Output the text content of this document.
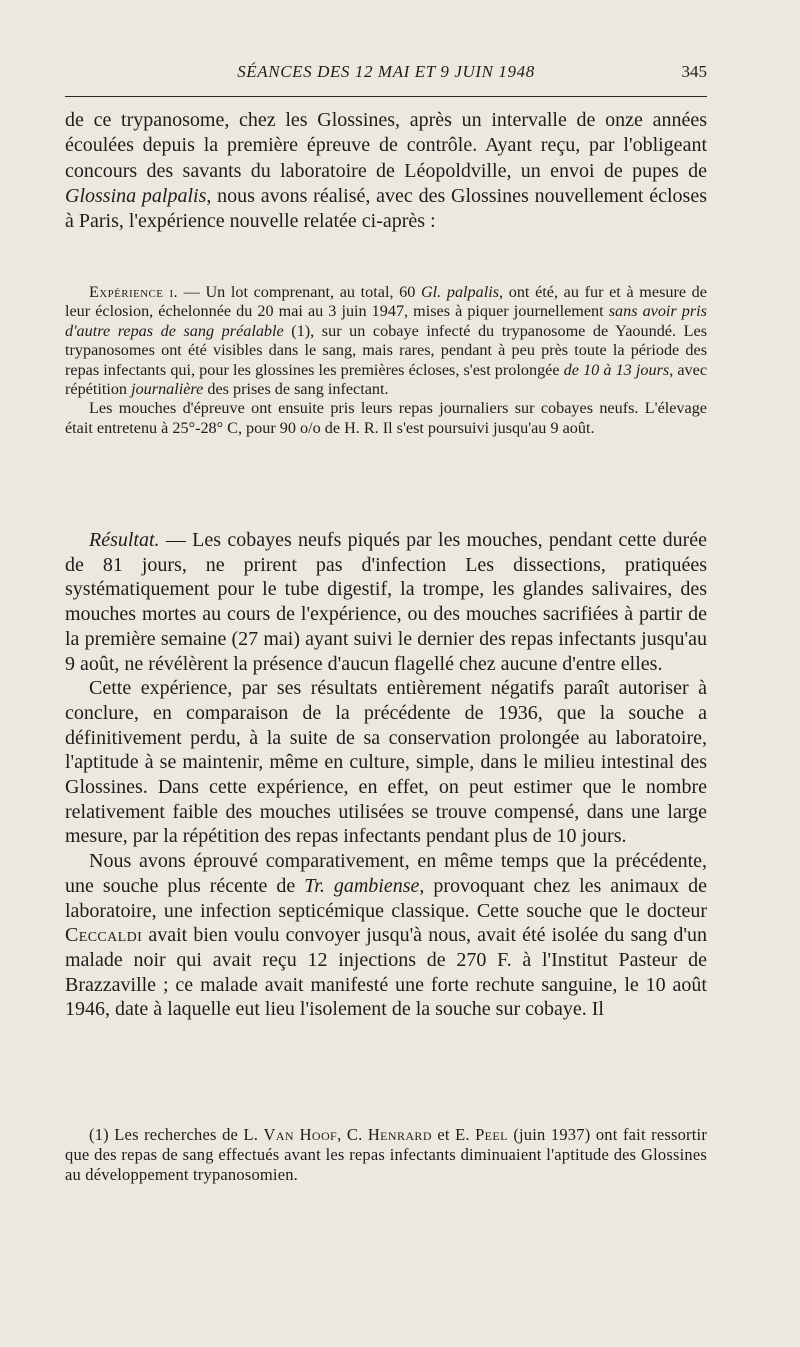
SÉANCES DES 12 MAI ET 9 JUIN 1948	345

de ce trypanosome, chez les Glossines, après un intervalle de onze années écoulées depuis la première épreuve de contrôle. Ayant reçu, par l'obligeant concours des savants du laboratoire de Léopoldville, un envoi de pupes de Glossina palpalis, nous avons réalisé, avec des Glossines nouvellement écloses à Paris, l'expérience nouvelle relatée ci-après :

Expérience i. — Un lot comprenant, au total, 60 Gl. palpalis, ont été, au fur et à mesure de leur éclosion, échelonnée du 20 mai au 3 juin 1947, mises à piquer journellement sans avoir pris d'autre repas de sang préalable (1), sur un cobaye infecté du trypanosome de Yaoundé. Les trypanosomes ont été visibles dans le sang, mais rares, pendant à peu près toute la période des repas infectants qui, pour les glossines les premières écloses, s'est prolongée de 10 à 13 jours, avec répétition journalière des prises de sang infectant.

Les mouches d'épreuve ont ensuite pris leurs repas journaliers sur cobayes neufs. L'élevage était entretenu à 25°-28° C, pour 90 o/o de H. R. Il s'est poursuivi jusqu'au 9 août.

Résultat. — Les cobayes neufs piqués par les mouches, pendant cette durée de 81 jours, ne prirent pas d'infection Les dissections, pratiquées systématiquement pour le tube digestif, la trompe, les glandes salivaires, des mouches mortes au cours de l'expérience, ou des mouches sacrifiées à partir de la première semaine (27 mai) ayant suivi le dernier des repas infectants jusqu'au 9 août, ne révélèrent la présence d'aucun flagellé chez aucune d'entre elles.

Cette expérience, par ses résultats entièrement négatifs paraît autoriser à conclure, en comparaison de la précédente de 1936, que la souche a définitivement perdu, à la suite de sa conservation prolongée au laboratoire, l'aptitude à se maintenir, même en culture, simple, dans le milieu intestinal des Glossines. Dans cette expérience, en effet, on peut estimer que le nombre relativement faible des mouches utilisées se trouve compensé, dans une large mesure, par la répétition des repas infectants pendant plus de 10 jours.

Nous avons éprouvé comparativement, en même temps que la précédente, une souche plus récente de Tr. gambiense, provoquant chez les animaux de laboratoire, une infection septicémique classique. Cette souche que le docteur Ceccaldi avait bien voulu convoyer jusqu'à nous, avait été isolée du sang d'un malade noir qui avait reçu 12 injections de 270 F. à l'Institut Pasteur de Brazzaville ; ce malade avait manifesté une forte rechute sanguine, le 10 août 1946, date à laquelle eut lieu l'isolement de la souche sur cobaye. Il

(1) Les recherches de L. Van Hoof, C. Henrard et E. Peel (juin 1937) ont fait ressortir que des repas de sang effectués avant les repas infectants diminuaient l'aptitude des Glossines au développement trypanosomien.
